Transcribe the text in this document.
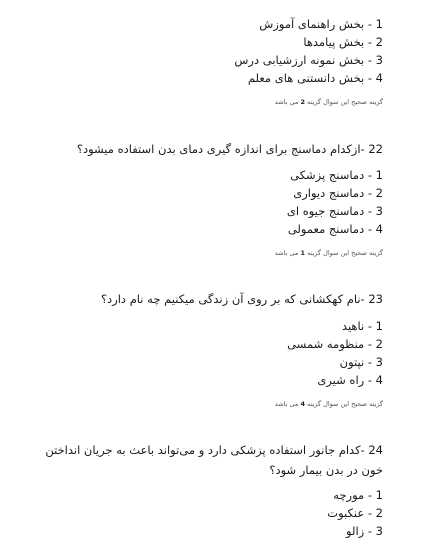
1 - بخش راهنمای آموزش
2 - بخش پیامدها
3 - بخش نمونه ارزشیابی درس
4 - بخش دانستنی های معلم
گزینه صحیح این سوال گزینه 2 می باشد
22 -ازکدام دماسنج برای اندازه گیری دمای بدن استفاده میشود؟
1 - دماسنج پزشکی
2 - دماسنج دیواری
3 - دماسنج جیوه ای
4 - دماسنج معمولی
گزینه صحیح این سوال گزینه 1 می باشد
23 -نام کهکشانی که بر روی آن زندگی میکنیم چه نام دارد؟
1 - ناهید
2 - منظومه شمسی
3 - نپتون
4 - راه شیری
گزینه صحیح این سوال گزینه 4 می باشد
24 -کدام جانور استفاده پزشکی دارد و می‌تواند باعث به جریان انداختن خون در بدن بیمار شود؟
1 - مورچه
2 - عنکبوت
3 - زالو
